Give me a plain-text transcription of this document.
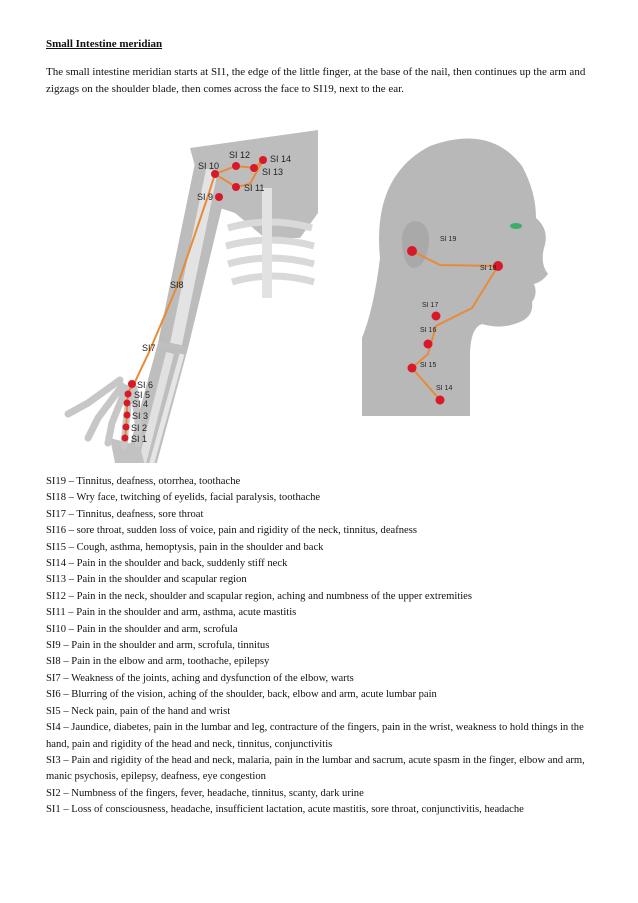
Small Intestine meridian
The small intestine meridian starts at SI1, the edge of the little finger, at the base of the nail, then continues up the arm and zigzags on the shoulder blade, then comes across the face to SI19, next to the ear.
SI 14
SI 12
SI 13
SI 10
SI 11
SI 9
SI8
SI7
SI 6
SI 5
SI 4
SI 3
SI 2
SI 1
SI 19
SI 18
SI 17
SI 16
SI 15
SI 14
SI19 – Tinnitus, deafness, otorrhea, toothache
SI18 – Wry face, twitching of eyelids, facial paralysis, toothache
SI17 – Tinnitus, deafness, sore throat
SI16 – sore throat, sudden loss of voice, pain and rigidity of the neck, tinnitus, deafness
SI15 – Cough, asthma, hemoptysis, pain in the shoulder and back
SI14 – Pain in the shoulder and back, suddenly stiff neck
SI13 – Pain in the shoulder and scapular region
SI12 – Pain in the neck, shoulder and scapular region, aching and numbness of the upper extremities
SI11 – Pain in the shoulder and arm, asthma, acute mastitis
SI10 – Pain in the shoulder and arm, scrofula
SI9 – Pain in the shoulder and arm, scrofula, tinnitus
SI8 – Pain in the elbow and arm, toothache, epilepsy
SI7 – Weakness of the joints, aching and dysfunction of the elbow, warts
SI6 – Blurring of the vision, aching of the shoulder, back, elbow and arm, acute lumbar pain
SI5 – Neck pain, pain of the hand and wrist
SI4 – Jaundice, diabetes, pain in the lumbar and leg, contracture of the fingers, pain in the wrist, weakness to hold things in the hand, pain and rigidity of the head and neck, tinnitus, conjunctivitis
SI3 – Pain and rigidity of the head and neck, malaria, pain in the lumbar and sacrum, acute spasm in the finger, elbow and arm, manic psychosis, epilepsy, deafness, eye congestion
SI2 – Numbness of the fingers, fever, headache, tinnitus, scanty, dark urine
SI1 – Loss of consciousness, headache, insufficient lactation, acute mastitis, sore throat, conjunctivitis, headache
